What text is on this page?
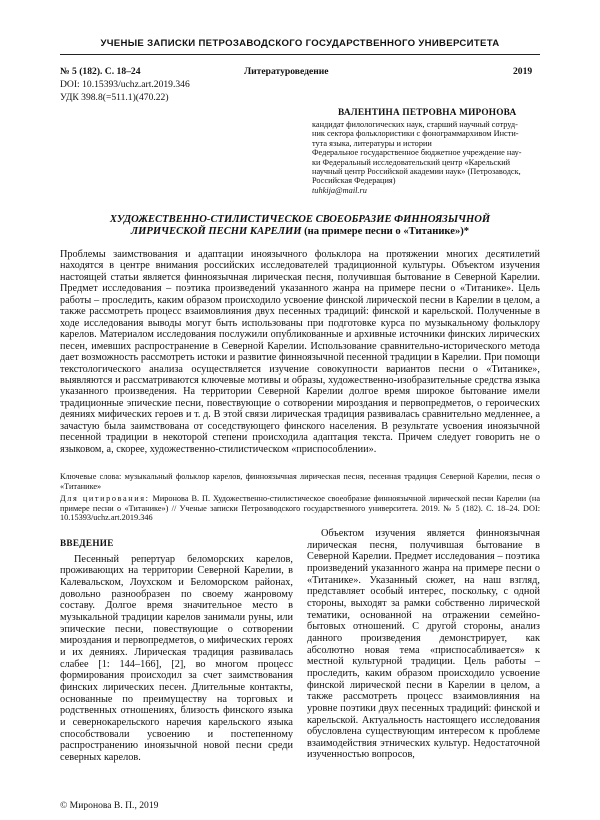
УЧЕНЫЕ ЗАПИСКИ ПЕТРОЗАВОДСКОГО ГОСУДАРСТВЕННОГО УНИВЕРСИТЕТА
№ 5 (182). С. 18–24	Литературоведение	2019
DOI: 10.15393/uchz.art.2019.346
УДК 398.8(=511.1)(470.22)
ВАЛЕНТИНА ПЕТРОВНА МИРОНОВА
кандидат филологических наук, старший научный сотруд-
ник сектора фольклористики с фонограммархивом Инсти-
тута языка, литературы и истории
Федеральное государственное бюджетное учреждение нау-
ки Федеральный исследовательский центр «Карельский
научный центр Российской академии наук» (Петрозаводск,
Российская Федерация)
tuhkija@mail.ru
ХУДОЖЕСТВЕННО-СТИЛИСТИЧЕСКОЕ СВОЕОБРАЗИЕ ФИННОЯЗЫЧНОЙ
ЛИРИЧЕСКОЙ ПЕСНИ КАРЕЛИИ (на примере песни о «Титанике»)*
Проблемы заимствования и адаптации иноязычного фольклора на протяжении многих десятилетий находятся в центре внимания российских исследователей традиционной культуры. Объектом изучения настоящей статьи является финноязычная лирическая песня, получившая бытование в Северной Карелии. Предмет исследования – поэтика произведений указанного жанра на примере песни о «Титанике». Цель работы – проследить, каким образом происходило усвоение финской лирической песни в Карелии в целом, а также рассмотреть процесс взаимовлияния двух песенных традиций: финской и карельской. Полученные в ходе исследования выводы могут быть использованы при подготовке курса по музыкальному фольклору карелов. Материалом исследования послужили опубликованные и архивные источники финских лирических песен, имевших распространение в Северной Карелии. Использование сравнительно-исторического метода дает возможность рассмотреть истоки и развитие финноязычной песенной традиции в Карелии. При помощи текстологического анализа осуществляется изучение совокупности вариантов песни о «Титанике», выявляются и рассматриваются ключевые мотивы и образы, художественно-изобразительные средства языка указанного произведения. На территории Северной Карелии долгое время широкое бытование имели традиционные эпические песни, повествующие о сотворении мироздания и первопредметов, о героических деяниях мифических героев и т. д. В этой связи лирическая традиция развивалась сравнительно медленнее, а зачастую была заимствована от соседствующего финского населения. В результате усвоения иноязычной песенной традиции в некоторой степени происходила адаптация текста. Причем следует говорить не о языковом, а, скорее, художественно-стилистическом «приспособлении».
Ключевые слова: музыкальный фольклор карелов, финноязычная лирическая песня, песенная традиция Северной Карелии, песня о «Титанике»
Для цитирования: Миронова В. П. Художественно-стилистическое своеобразие финноязычной лирической песни Карелии (на примере песни о «Титанике») // Ученые записки Петрозаводского государственного университета. 2019. № 5 (182). С. 18–24. DOI: 10.15393/uchz.art.2019.346
ВВЕДЕНИЕ
Песенный репертуар беломорских карелов, проживающих на территории Северной Карелии, в Калевальском, Лоухском и Беломорском районах, довольно разнообразен по своему жанровому составу. Долгое время значительное место в музыкальной традиции карелов занимали руны, или эпические песни, повествующие о сотворении мироздания и первопредметов, о мифических героях и их деяниях. Лирическая традиция развивалась слабее [1: 144–166], [2], во многом процесс формирования происходил за счет заимствования финских лирических песен. Длительные контакты, основанные по преимуществу на торговых и родственных отношениях, близость финского языка и севернокарельского наречия карельского языка способствовали усвоению и постепенному распространению иноязычной новой песни среди северных карелов.
Объектом изучения является финноязычная лирическая песня, получившая бытование в Северной Карелии. Предмет исследования – поэтика произведений указанного жанра на примере песни о «Титанике». Указанный сюжет, на наш взгляд, представляет особый интерес, поскольку, с одной стороны, выходят за рамки собственно лирической тематики, основанной на отражении семейно-бытовых отношений. С другой стороны, анализ данного произведения демонстрирует, как абсолютно новая тема «приспосабливается» к местной культурной традиции. Цель работы – проследить, каким образом происходило усвоение финской лирической песни в Карелии в целом, а также рассмотреть процесс взаимовлияния на уровне поэтики двух песенных традиций: финской и карельской. Актуальность настоящего исследования обусловлена существующим интересом к проблеме взаимодействия этнических культур. Недостаточной изученностью вопросов,
© Миронова В. П., 2019
